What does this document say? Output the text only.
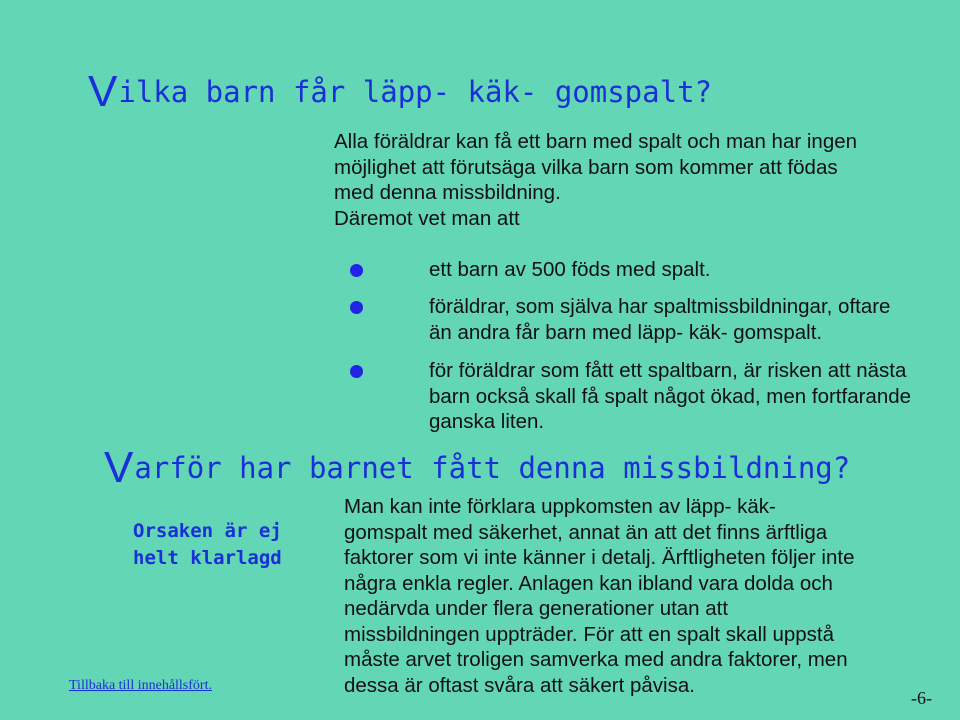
Vilka barn får läpp- käk- gomspalt?
Alla föräldrar kan få ett barn med spalt och man har ingen
möjlighet att förutsäga vilka barn som kommer att födas
med denna missbildning.
Däremot vet man att
ett barn av 500 föds med spalt.
föräldrar, som själva har spaltmissbildningar, oftare
än andra får barn med läpp- käk- gomspalt.
för föräldrar som fått ett spaltbarn, är risken att nästa
barn också skall få spalt något ökad, men fortfarande
ganska liten.
Varför har barnet fått denna missbildning?
Orsaken är ej
helt klarlagd
Man kan inte förklara uppkomsten av läpp- käk-
gomspalt med säkerhet, annat än att det finns ärftliga
faktorer som vi inte känner i detalj. Ärftligheten följer inte
några enkla regler. Anlagen kan ibland vara dolda och
nedärvda under flera generationer utan att
missbildningen uppträder. För att en spalt skall uppstå
måste arvet troligen samverka med andra faktorer, men
dessa är oftast svåra att säkert påvisa.
Tillbaka till innehållsfört.
-6-
